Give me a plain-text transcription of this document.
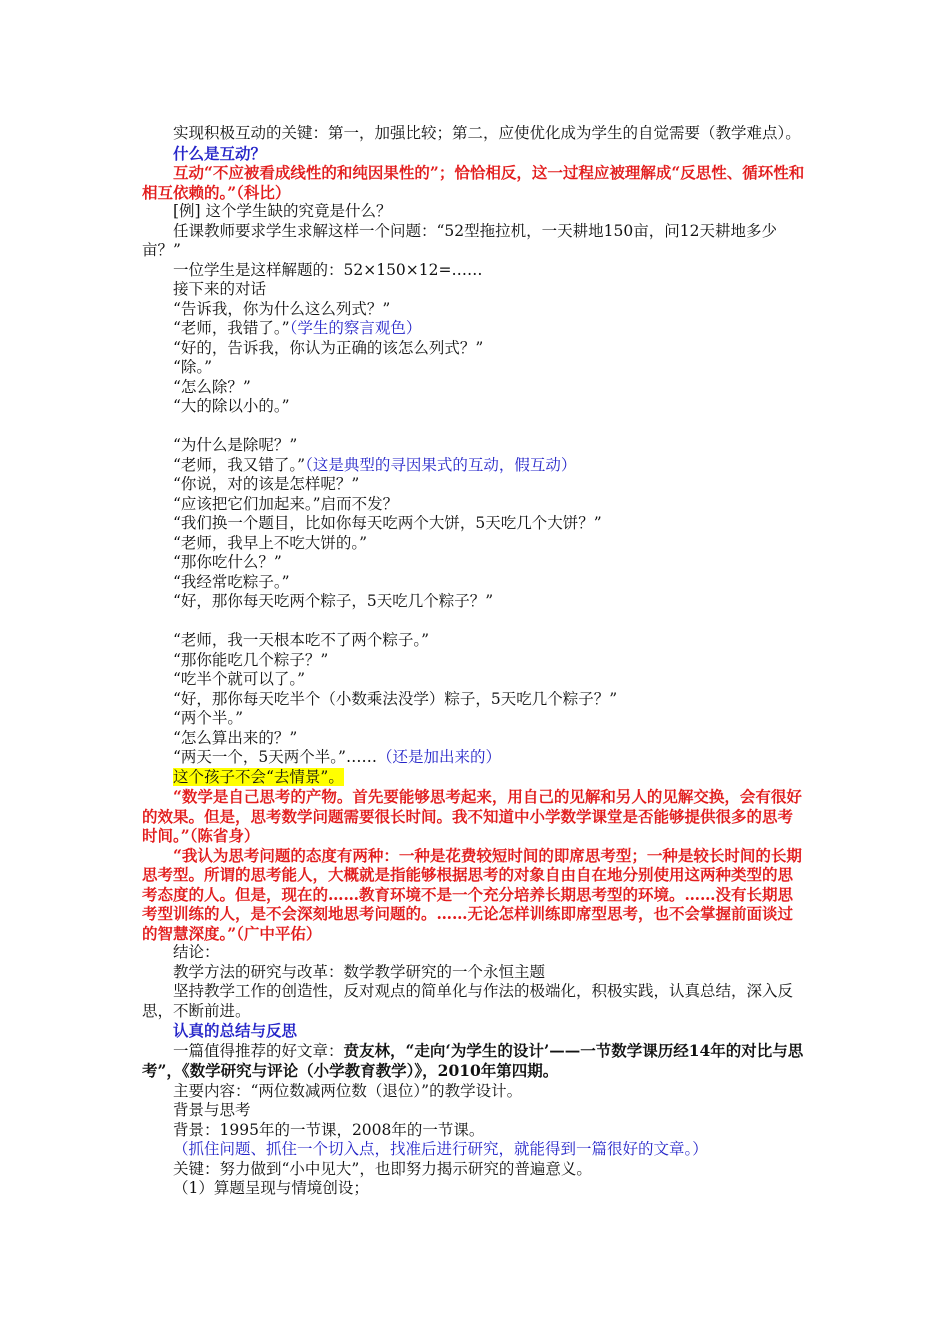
实现积极互动的关键：第一，加强比较；第二，应使优化成为学生的自觉需要（教学难点）。

什么是互动？

互动“不应被看成线性的和纯因果性的”；恰恰相反，这一过程应被理解成“反思性、循环性和相互依赖的。”（科比）

[例] 这个学生缺的究竟是什么？

任课教师要求学生求解这样一个问题：“52型拖拉机，一天耕地150亩，问12天耕地多少亩？”

一位学生是这样解题的：52×150×12=……

接下来的对话

“告诉我，你为什么这么列式？”

“老师，我错了。”（学生的察言观色）

“好的，告诉我，你认为正确的该怎么列式？”

“除。”

“怎么除？”

“大的除以小的。”

“为什么是除呢？”

“老师，我又错了。”（这是典型的寻因果式的互动，假互动）

“你说，对的该是怎样呢？”

“应该把它们加起来。”启而不发？

“我们换一个题目，比如你每天吃两个大饼，5天吃几个大饼？”

“老师，我早上不吃大饼的。”

“那你吃什么？”

“我经常吃粽子。”

“好，那你每天吃两个粽子，5天吃几个粽子？”

“老师，我一天根本吃不了两个粽子。”

“那你能吃几个粽子？”

“吃半个就可以了。”

“好，那你每天吃半个（小数乘法没学）粽子，5天吃几个粽子？”

“两个半。”

“怎么算出来的？”

“两天一个，5天两个半。”……（还是加出来的）

这个孩子不会“去情景”。

“数学是自己思考的产物。首先要能够思考起来，用自己的见解和另人的见解交换，会有很好的效果。但是，思考数学问题需要很长时间。我不知道中小学数学课堂是否能够提供很多的思考时间。”（陈省身）

“我认为思考问题的态度有两种：一种是花费较短时间的即席思考型；一种是较长时间的长期思考型。所谓的思考能人，大概就是指能够根据思考的对象自由自在地分别使用这两种类型的思考态度的人。但是，现在的……教育环境不是一个充分培养长期思考型的环境。……没有长期思考型训练的人，是不会深刻地思考问题的。……无论怎样训练即席型思考，也不会掌握前面谈过的智慧深度。”（广中平佑）

结论：

教学方法的研究与改革：数学教学研究的一个永恒主题

坚持教学工作的创造性，反对观点的简单化与作法的极端化，积极实践，认真总结，深入反思，不断前进。

认真的总结与反思

一篇值得推荐的好文章：贲友林，“走向‘为学生的设计’——一节数学课历经14年的对比与思考”，《数学研究与评论（小学教育教学）》，2010年第四期。

主要内容：“两位数减两位数（退位）”的教学设计。

背景与思考

背景：1995年的一节课，2008年的一节课。

（抓住问题、抓住一个切入点，找准后进行研究，就能得到一篇很好的文章。）

关键：努力做到“小中见大”，也即努力揭示研究的普遍意义。

（1）算题呈现与情境创设；
